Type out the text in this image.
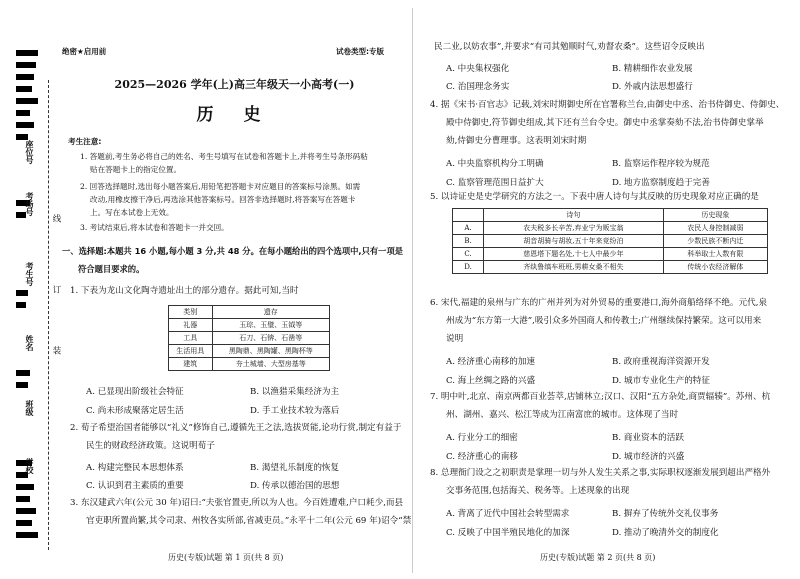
座位号
考场号
考生号
姓名
班级
学校
线
订
装
绝密★启用前	试卷类型:专版
2025—2026 学年(上)高三年级天一小高考(一)
历 史
考生注意:
1. 答题前,考生务必将自己的姓名、考生号填写在试卷和答题卡上,并将考生号条形码粘
贴在答题卡上的指定位置。
2. 回答选择题时,选出每小题答案后,用铅笔把答题卡对应题目的答案标号涂黑。如需
改动,用橡皮擦干净后,再选涂其他答案标号。回答非选择题时,将答案写在答题卡
上。写在本试卷上无效。
3. 考试结束后,将本试卷和答题卡一并交回。
一、选择题:本题共 16 小题,每小题 3 分,共 48 分。在每小题给出的四个选项中,只有一项是
符合题目要求的。
1. 下表为龙山文化陶寺遗址出土的部分遗存。据此可知,当时
类别	遗存
礼器	玉琮、玉璧、玉钺等
工具	石刀、石锛、石凿等
生活用具	黑陶鼎、黑陶罐、黑陶杯等
建筑	夯土城墙、大型房基等
A. 已显现出阶级社会特征	B. 以渔猎采集经济为主
C. 尚未形成聚落定居生活	D. 手工业技术较为落后
2. 荀子希望治国者能够以“礼义”修饰自己,遵循先王之法,选拔贤能,论功行赏,制定有益于
民生的财政经济政策。这说明荀子
A. 构建完整民本思想体系	B. 渴望礼乐制度的恢复
C. 认识到君主素质的重要	D. 传承以德治国的思想
3. 东汉建武六年(公元 30 年)诏曰:“夫张官置吏,所以为人也。今百姓遭难,户口耗少,而县
官吏职所置尚繁,其令司隶、州牧各实所部,省减吏员。”永平十二年(公元 69 年)诏令“禁
历史(专版)试题 第 1 页(共 8 页)
民二业,以妨农事”,并要求“有司其勉顺时气,劝督农桑”。这些诏令反映出
A. 中央集权强化	B. 精耕细作农业发展
C. 治国理念务实	D. 外戚内法思想盛行
4. 据《宋书·百官志》记载,刘宋时期御史所在官署称兰台,由御史中丞、治书侍御史、侍御史、
殿中侍御史,符节御史组成,其下还有兰台令史。御史中丞掌奏劾不法,治书侍御史掌举
劾,侍御史分曹理事。这表明刘宋时期
A. 中央监察机构分工明确	B. 监察运作程序较为规范
C. 监察管理范围日益扩大	D. 地方监察制度趋于完善
5. 以诗证史是史学研究的方法之一。下表中唐人诗句与其反映的历史现象对应正确的是
	诗句	历史现象
A.	农夫税多长辛苦,弃业宁为贩宝翁	农民人身控制减弱
B.	胡音胡骑与胡妆,五十年来竞纷泊	少数民族不断内迁
C.	慈恩塔下题名处,十七人中最少年	科举取士人数有限
D.	齐纨鲁缟车班班,男耕女桑不相失	传统小农经济解体
6. 宋代,福建的泉州与广东的广州并列为对外贸易的重要港口,海外商船络绎不绝。元代,泉
州成为“东方第一大港”,吸引众多外国商人和传教士;广州继续保持繁荣。这可以用来
说明
A. 经济重心南移的加速	B. 政府重视海洋资源开发
C. 海上丝绸之路的兴盛	D. 城市专业化生产的特征
7. 明中叶,北京、南京两都百业荟萃,店铺林立;汉口、汉阳“五方杂处,商贾辐辏”。苏州、杭
州、湖州、嘉兴、松江等成为江南富庶的城市。这体现了当时
A. 行业分工的细密	B. 商业资本的活跃
C. 经济重心的南移	D. 城市经济的兴盛
8. 总理衙门设之之初职责是掌理一切与外人发生关系之事,实际职权逐渐发展到超出严格外
交事务范围,包括海关、税务等。上述现象的出现
A. 背离了近代中国社会转型需求	B. 摒弃了传统外交礼仪事务
C. 反映了中国半殖民地化的加深	D. 推动了晚清外交的制度化
历史(专版)试题 第 2 页(共 8 页)
